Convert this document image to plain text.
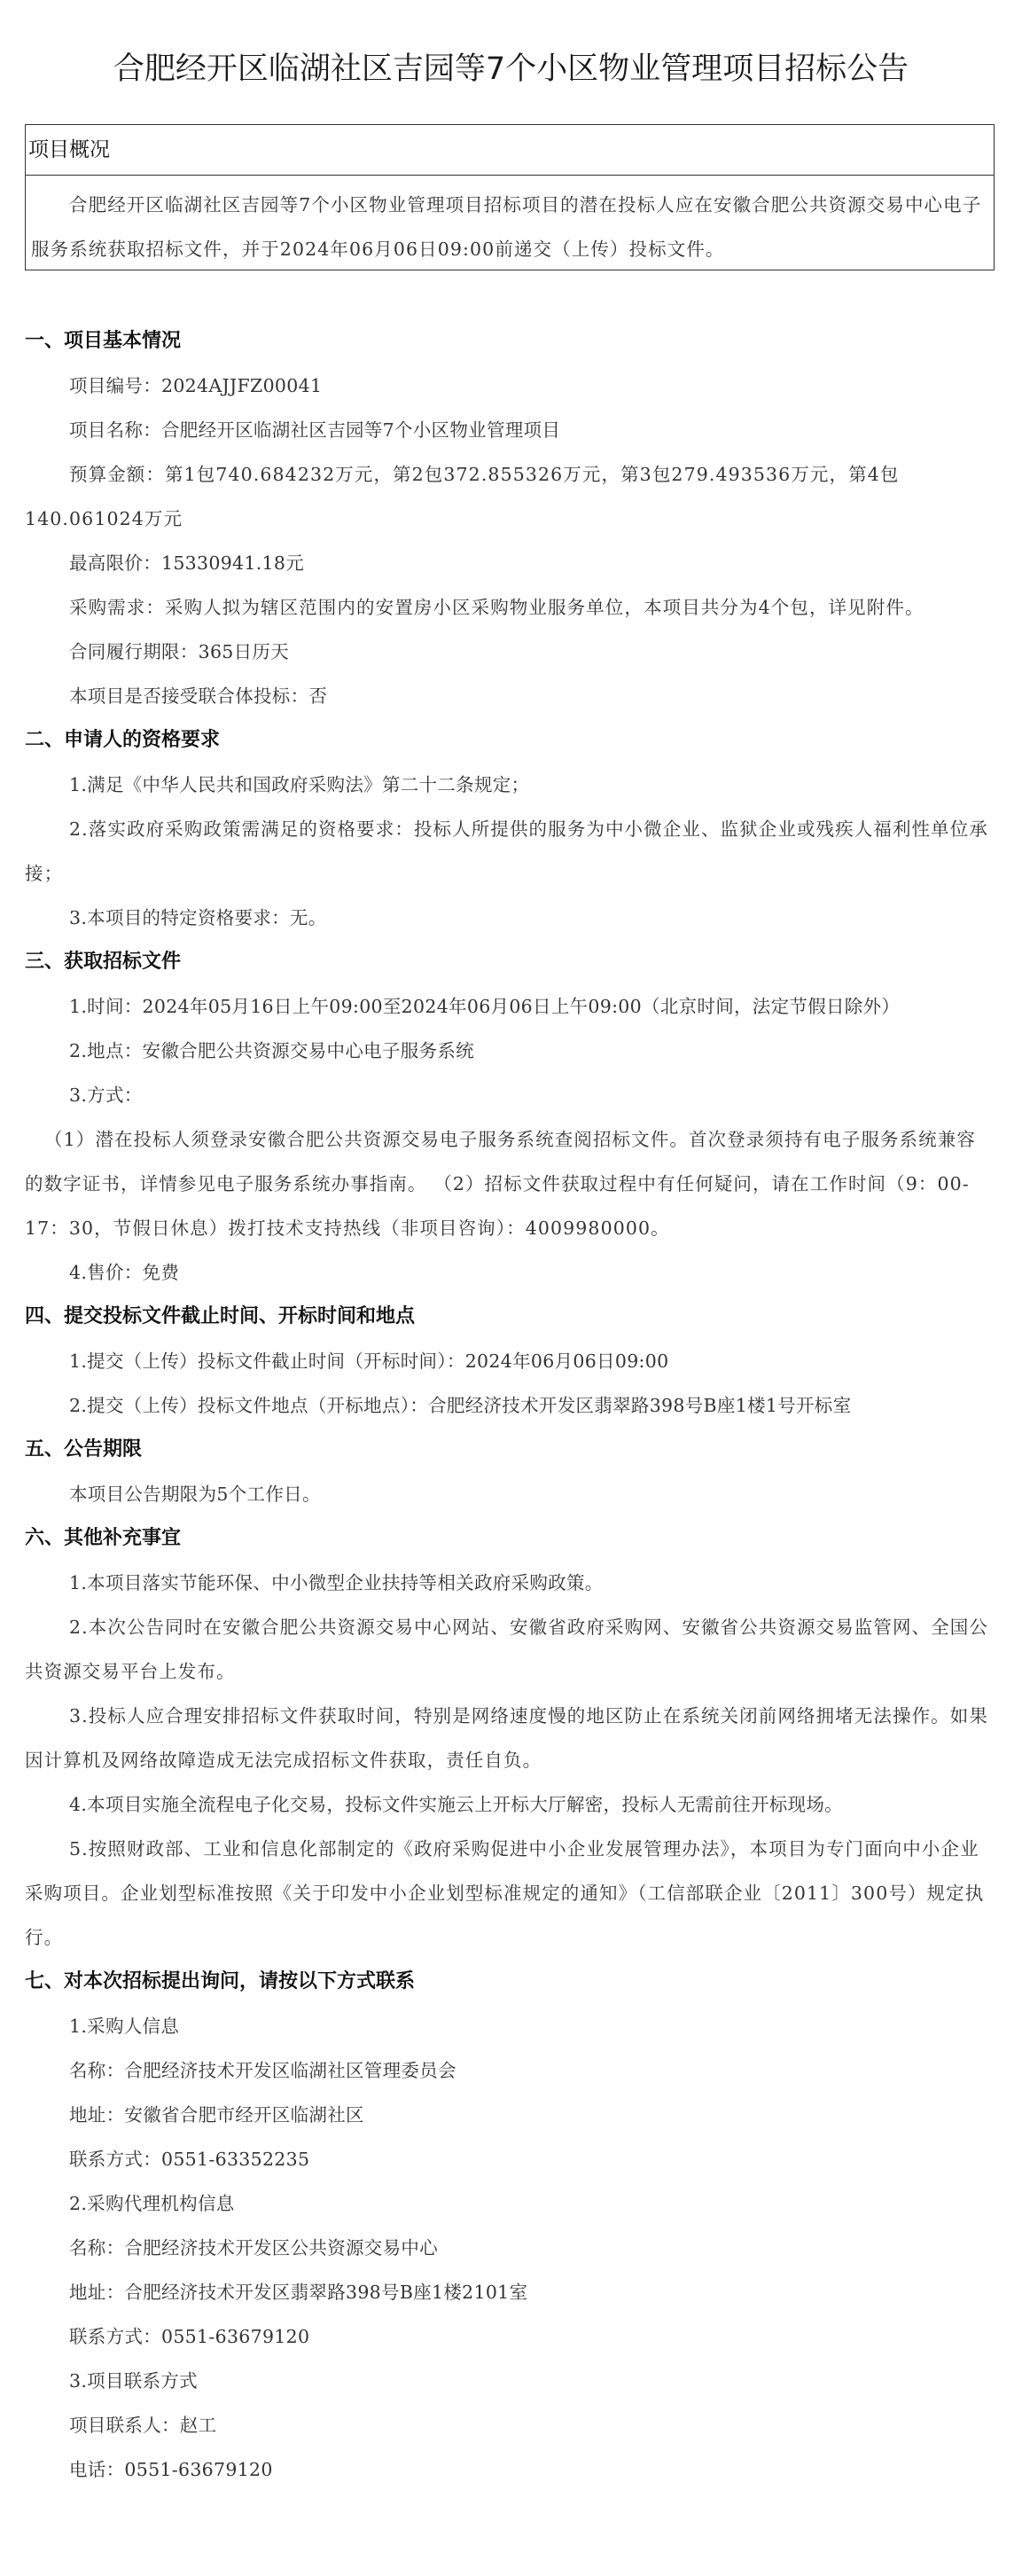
合肥经开区临湖社区吉园等7个小区物业管理项目招标公告
项目概况
合肥经开区临湖社区吉园等7个小区物业管理项目招标项目的潜在投标人应在安徽合肥公共资源交易中心电子服务系统获取招标文件，并于2024年06月06日09:00前递交（上传）投标文件。
一、项目基本情况
项目编号：2024AJJFZ00041
项目名称：合肥经开区临湖社区吉园等7个小区物业管理项目
预算金额：第1包740.684232万元，第2包372.855326万元，第3包279.493536万元，第4包140.061024万元
最高限价：15330941.18元
采购需求：采购人拟为辖区范围内的安置房小区采购物业服务单位，本项目共分为4个包，详见附件。
合同履行期限：365日历天
本项目是否接受联合体投标：否
二、申请人的资格要求
1.满足《中华人民共和国政府采购法》第二十二条规定；
2.落实政府采购政策需满足的资格要求：投标人所提供的服务为中小微企业、监狱企业或残疾人福利性单位承接；
3.本项目的特定资格要求：无。
三、获取招标文件
1.时间：2024年05月16日上午09:00至2024年06月06日上午09:00（北京时间，法定节假日除外）
2.地点：安徽合肥公共资源交易中心电子服务系统
3.方式：
（1）潜在投标人须登录安徽合肥公共资源交易电子服务系统查阅招标文件。首次登录须持有电子服务系统兼容的数字证书，详情参见电子服务系统办事指南。 （2）招标文件获取过程中有任何疑问，请在工作时间（9：00-17：30，节假日休息）拨打技术支持热线（非项目咨询）：4009980000。
4.售价：免费
四、提交投标文件截止时间、开标时间和地点
1.提交（上传）投标文件截止时间（开标时间）：2024年06月06日09:00
2.提交（上传）投标文件地点（开标地点）：合肥经济技术开发区翡翠路398号B座1楼1号开标室
五、公告期限
本项目公告期限为5个工作日。
六、其他补充事宜
1.本项目落实节能环保、中小微型企业扶持等相关政府采购政策。
2.本次公告同时在安徽合肥公共资源交易中心网站、安徽省政府采购网、安徽省公共资源交易监管网、全国公共资源交易平台上发布。
3.投标人应合理安排招标文件获取时间，特别是网络速度慢的地区防止在系统关闭前网络拥堵无法操作。如果因计算机及网络故障造成无法完成招标文件获取，责任自负。
4.本项目实施全流程电子化交易，投标文件实施云上开标大厅解密，投标人无需前往开标现场。
5.按照财政部、工业和信息化部制定的《政府采购促进中小企业发展管理办法》，本项目为专门面向中小企业采购项目。企业划型标准按照《关于印发中小企业划型标准规定的通知》（工信部联企业〔2011〕300号）规定执行。
七、对本次招标提出询问，请按以下方式联系
1.采购人信息
名称：合肥经济技术开发区临湖社区管理委员会
地址：安徽省合肥市经开区临湖社区
联系方式：0551-63352235
2.采购代理机构信息
名称：合肥经济技术开发区公共资源交易中心
地址：合肥经济技术开发区翡翠路398号B座1楼2101室
联系方式：0551-63679120
3.项目联系方式
项目联系人：赵工
电话：0551-63679120
